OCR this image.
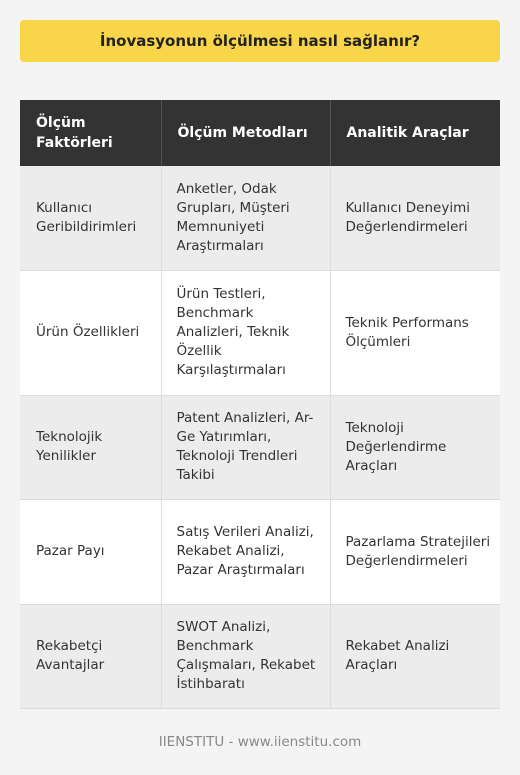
İnovasyonun ölçülmesi nasıl sağlanır?
Ölçüm Faktörleri	Ölçüm Metodları	Analitik Araçlar
Kullanıcı Geribildirimleri	Anketler, Odak Grupları, Müşteri Memnuniyeti Araştırmaları	Kullanıcı Deneyimi Değerlendirmeleri
Ürün Özellikleri	Ürün Testleri, Benchmark Analizleri, Teknik Özellik Karşılaştırmaları	Teknik Performans Ölçümleri
Teknolojik Yenilikler	Patent Analizleri, Ar-Ge Yatırımları, Teknoloji Trendleri Takibi	Teknoloji Değerlendirme Araçları
Pazar Payı	Satış Verileri Analizi, Rekabet Analizi, Pazar Araştırmaları	Pazarlama Stratejileri Değerlendirmeleri
Rekabetçi Avantajlar	SWOT Analizi, Benchmark Çalışmaları, Rekabet İstihbaratı	Rekabet Analizi Araçları
IIENSTITU - www.iienstitu.com
